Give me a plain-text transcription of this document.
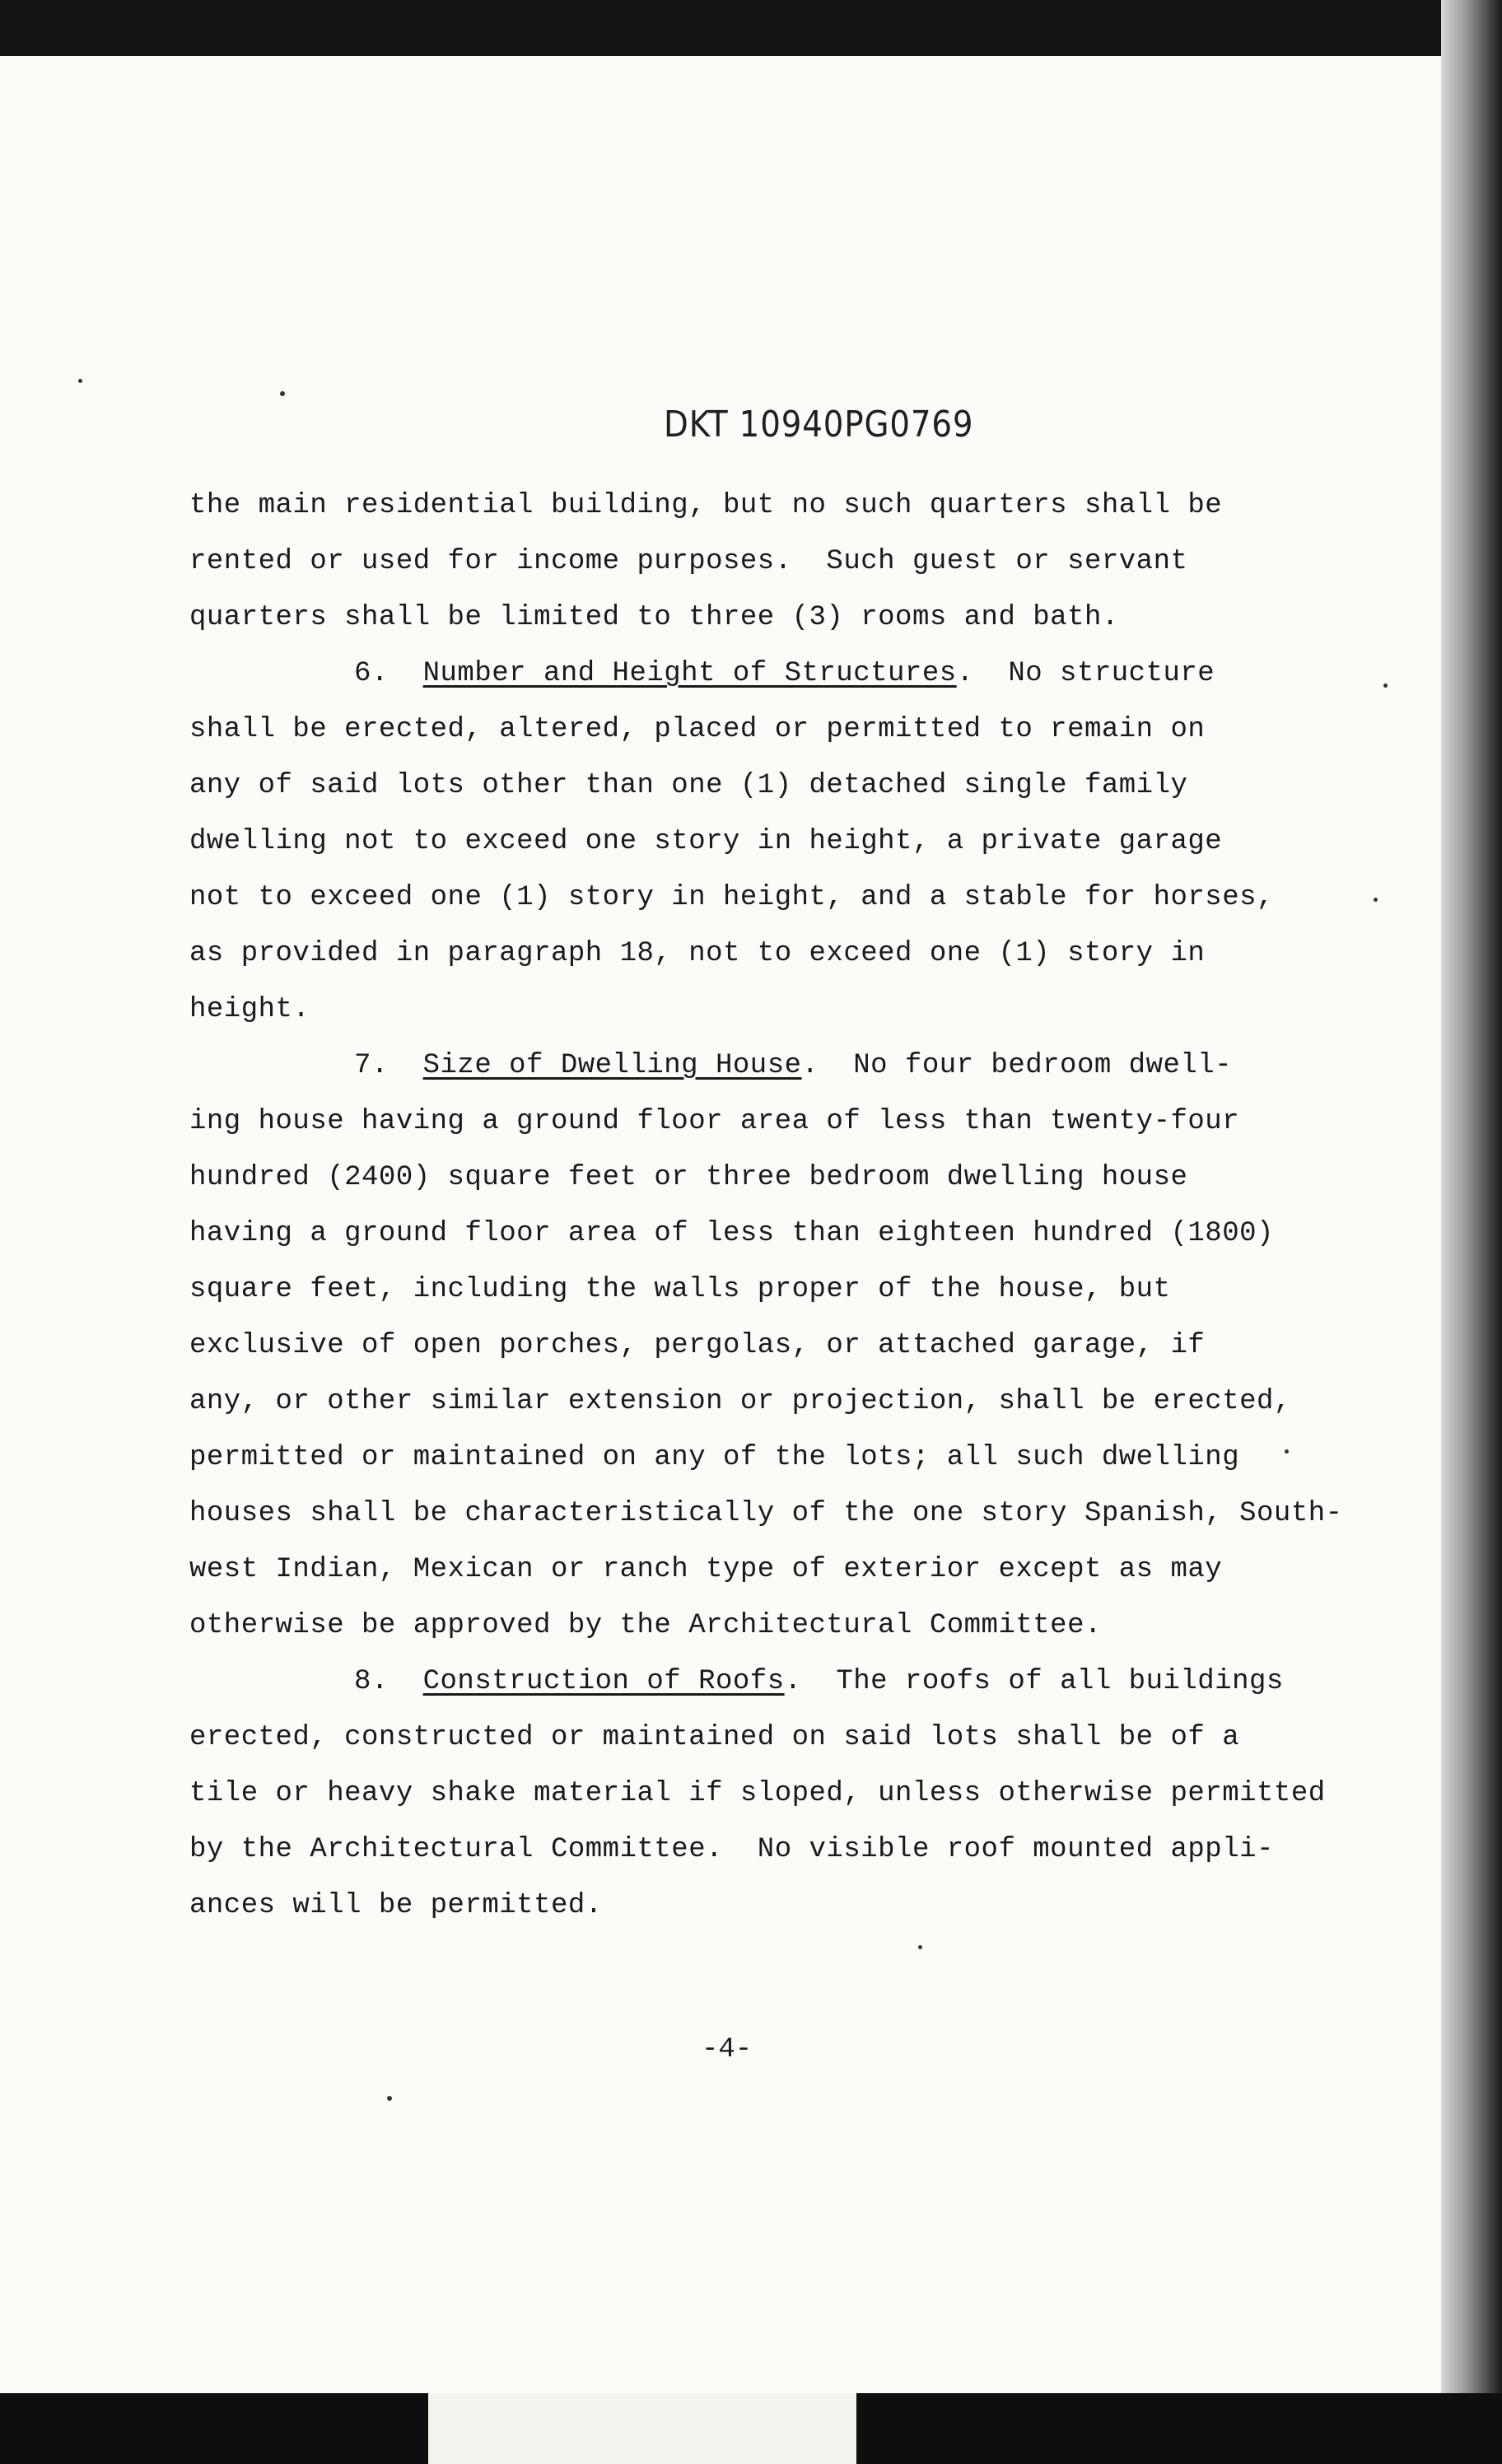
DKT 10940PG0769
the main residential building, but no such quarters shall be
rented or used for income purposes.  Such guest or servant
quarters shall be limited to three (3) rooms and bath.
6. Number and Height of Structures.  No structure
shall be erected, altered, placed or permitted to remain on
any of said lots other than one (1) detached single family
dwelling not to exceed one story in height, a private garage
not to exceed one (1) story in height, and a stable for horses,
as provided in paragraph 18, not to exceed one (1) story in
height.
7. Size of Dwelling House.  No four bedroom dwell-
ing house having a ground floor area of less than twenty-four
hundred (2400) square feet or three bedroom dwelling house
having a ground floor area of less than eighteen hundred (1800)
square feet, including the walls proper of the house, but
exclusive of open porches, pergolas, or attached garage, if
any, or other similar extension or projection, shall be erected,
permitted or maintained on any of the lots; all such dwelling
houses shall be characteristically of the one story Spanish, South-
west Indian, Mexican or ranch type of exterior except as may
otherwise be approved by the Architectural Committee.
8. Construction of Roofs.  The roofs of all buildings
erected, constructed or maintained on said lots shall be of a
tile or heavy shake material if sloped, unless otherwise permitted
by the Architectural Committee.  No visible roof mounted appli-
ances will be permitted.
-4-
